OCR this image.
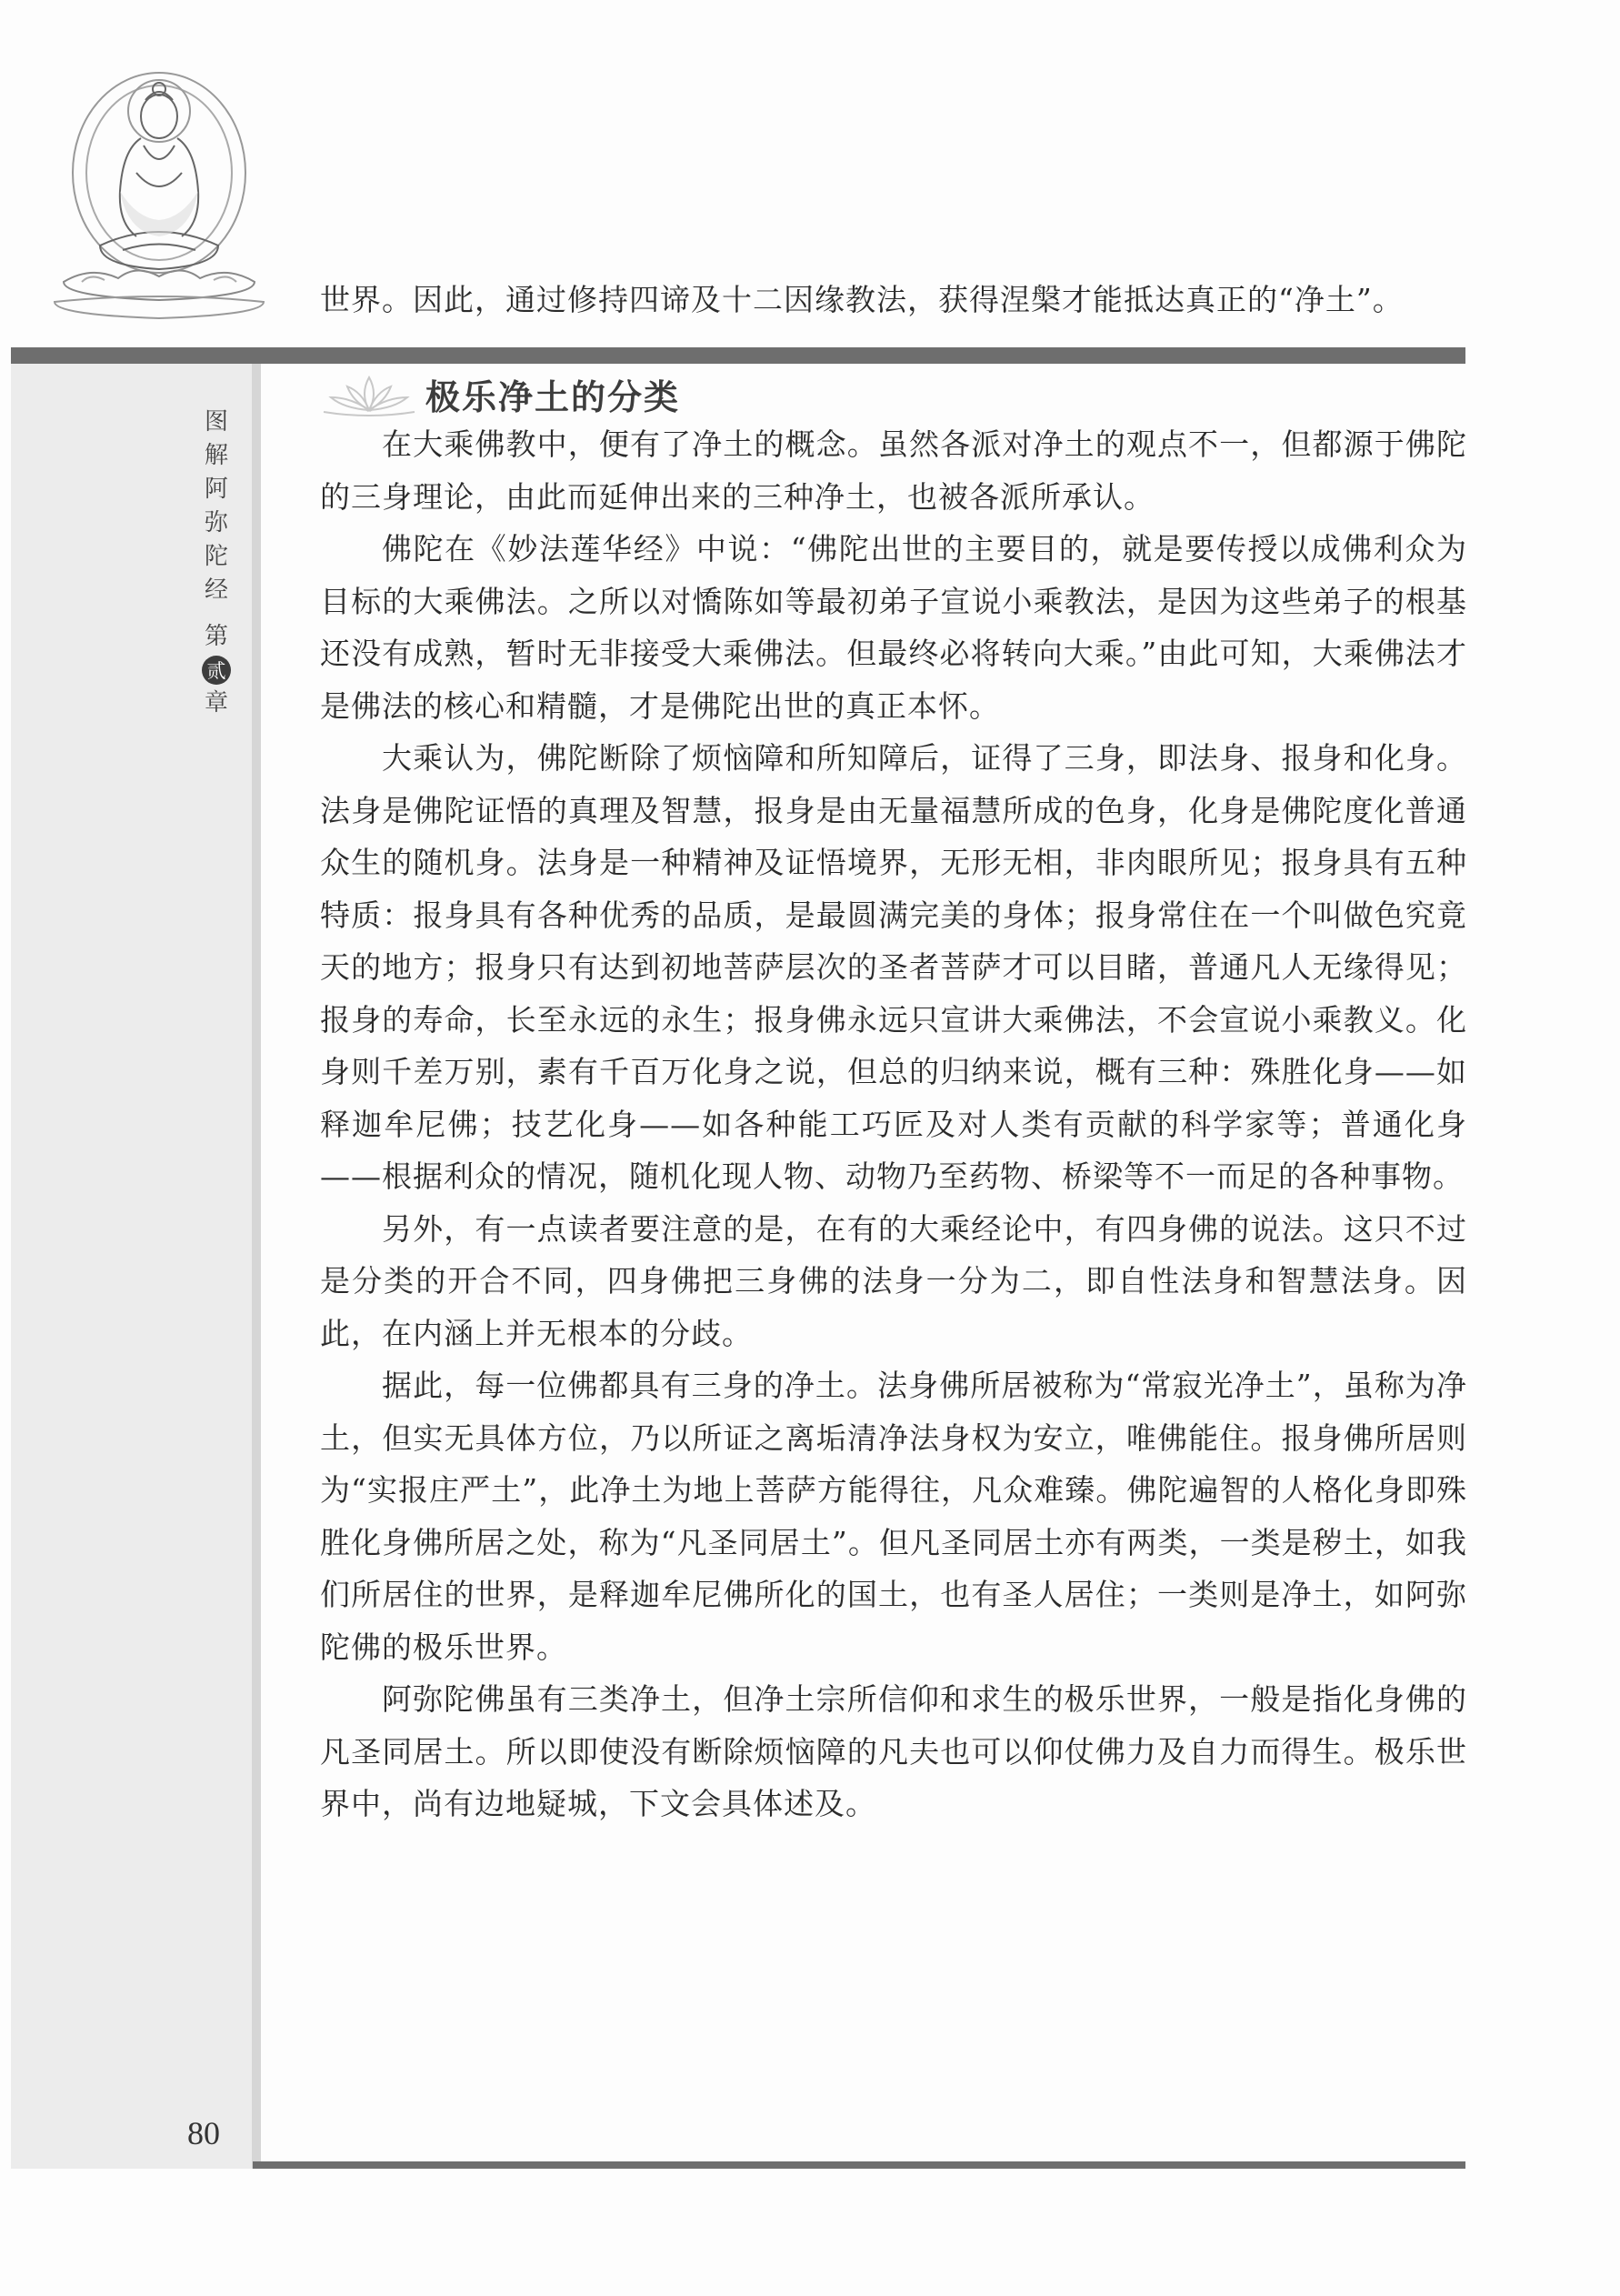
图
解
阿
弥
陀
经
第
贰
章
世界。因此，通过修持四谛及十二因缘教法，获得涅槃才能抵达真正的“净土”。
极乐净土的分类

在大乘佛教中，便有了净土的概念。虽然各派对净土的观点不一，但都源于佛陀的三身理论，由此而延伸出来的三种净土，也被各派所承认。

佛陀在《妙法莲华经》中说：“佛陀出世的主要目的，就是要传授以成佛利众为目标的大乘佛法。之所以对憍陈如等最初弟子宣说小乘教法，是因为这些弟子的根基还没有成熟，暂时无非接受大乘佛法。但最终必将转向大乘。”由此可知，大乘佛法才是佛法的核心和精髓，才是佛陀出世的真正本怀。

大乘认为，佛陀断除了烦恼障和所知障后，证得了三身，即法身、报身和化身。法身是佛陀证悟的真理及智慧，报身是由无量福慧所成的色身，化身是佛陀度化普通众生的随机身。法身是一种精神及证悟境界，无形无相，非肉眼所见；报身具有五种特质：报身具有各种优秀的品质，是最圆满完美的身体；报身常住在一个叫做色究竟天的地方；报身只有达到初地菩萨层次的圣者菩萨才可以目睹，普通凡人无缘得见；报身的寿命，长至永远的永生；报身佛永远只宣讲大乘佛法，不会宣说小乘教义。化身则千差万别，素有千百万化身之说，但总的归纳来说，概有三种：殊胜化身——如释迦牟尼佛；技艺化身——如各种能工巧匠及对人类有贡献的科学家等；普通化身——根据利众的情况，随机化现人物、动物乃至药物、桥梁等不一而足的各种事物。

另外，有一点读者要注意的是，在有的大乘经论中，有四身佛的说法。这只不过是分类的开合不同，四身佛把三身佛的法身一分为二，即自性法身和智慧法身。因此，在内涵上并无根本的分歧。

据此，每一位佛都具有三身的净土。法身佛所居被称为“常寂光净土”，虽称为净土，但实无具体方位，乃以所证之离垢清净法身权为安立，唯佛能住。报身佛所居则为“实报庄严土”，此净土为地上菩萨方能得往，凡众难臻。佛陀遍智的人格化身即殊胜化身佛所居之处，称为“凡圣同居土”。但凡圣同居土亦有两类，一类是秽土，如我们所居住的世界，是释迦牟尼佛所化的国土，也有圣人居住；一类则是净土，如阿弥陀佛的极乐世界。

阿弥陀佛虽有三类净土，但净土宗所信仰和求生的极乐世界，一般是指化身佛的凡圣同居土。所以即使没有断除烦恼障的凡夫也可以仰仗佛力及自力而得生。极乐世界中，尚有边地疑城，下文会具体述及。

80
